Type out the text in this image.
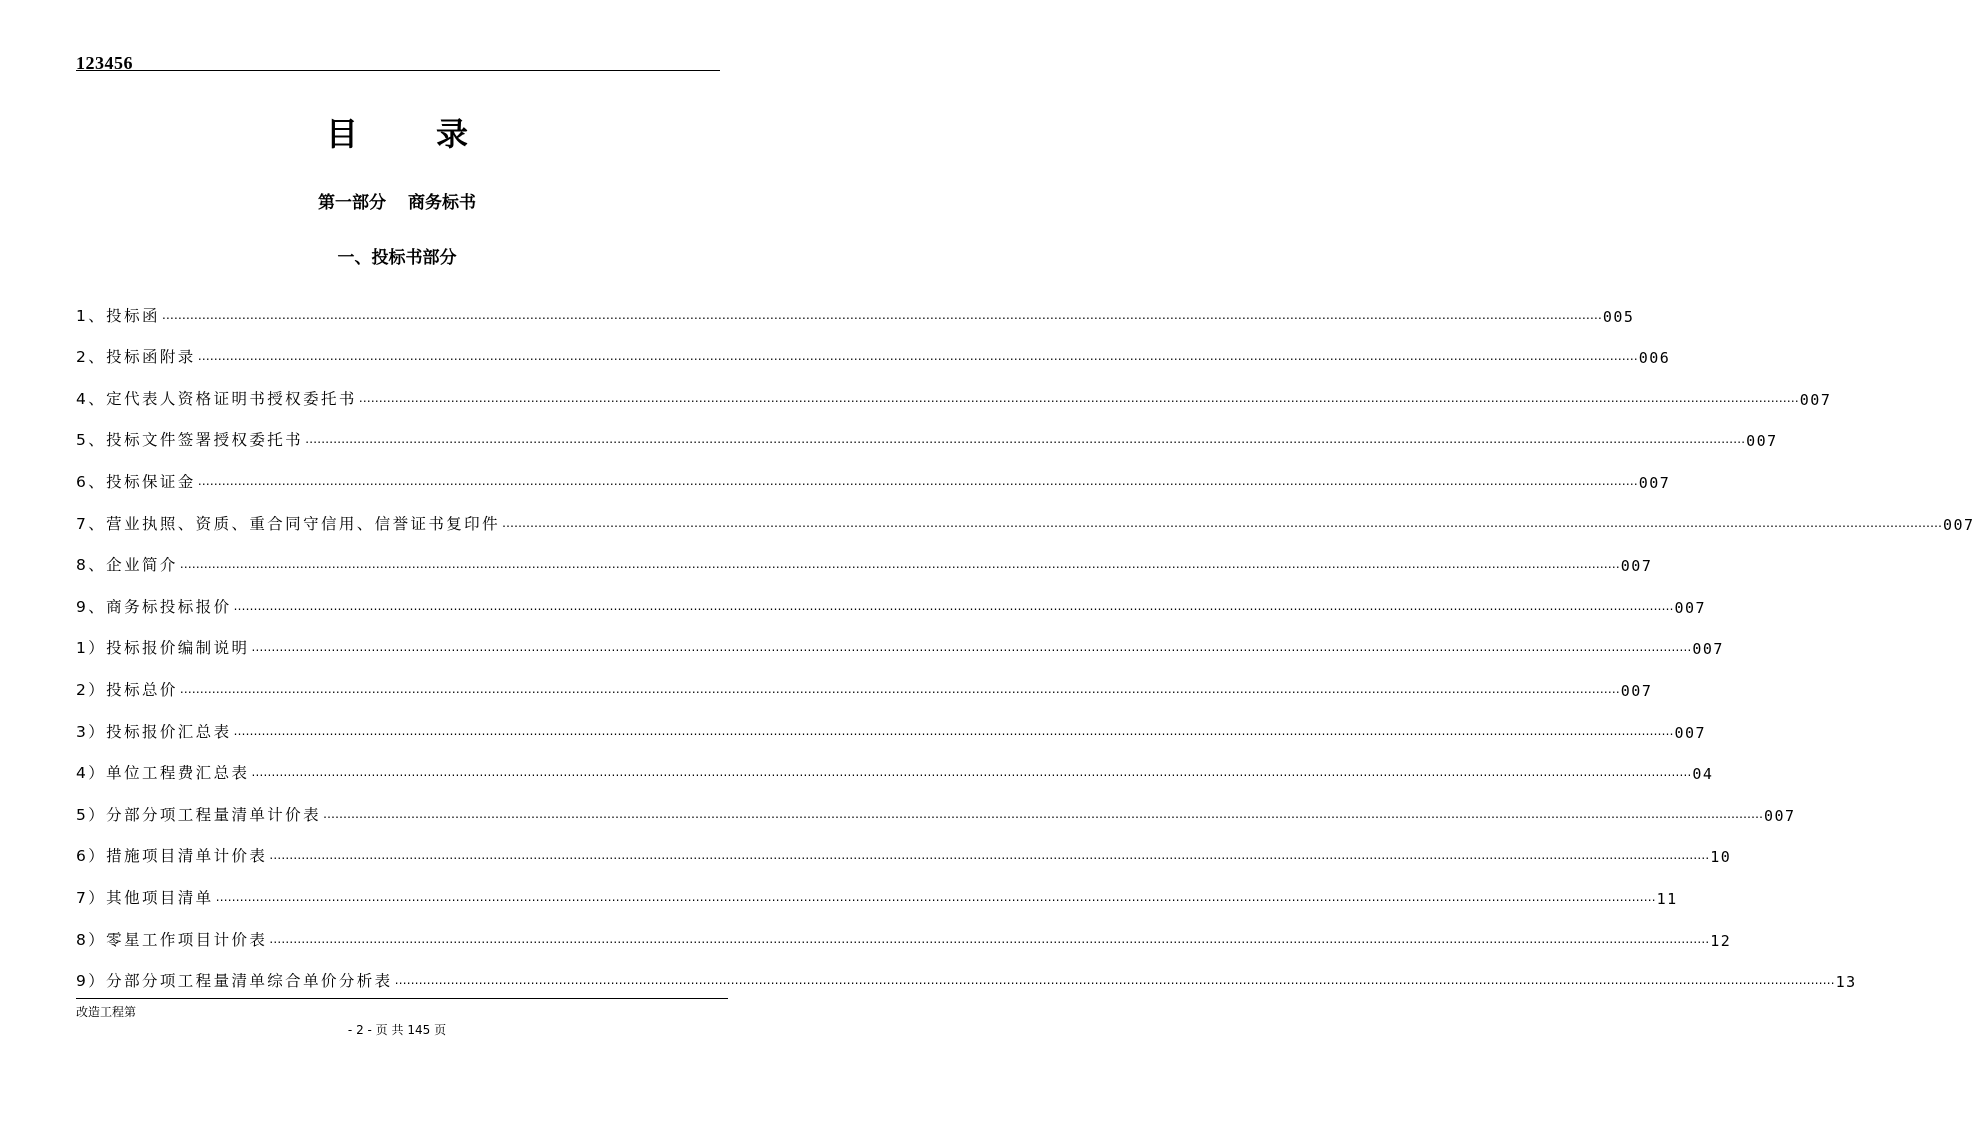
123456
目 录
第一部分 商务标书
一、投标书部分
1、 投标函 ……………………………………………………………………………………………………………………………………………………………………………………………………………………………………………………………………………………………………………………………… 005
2、 投标函附录 ……………………………………………………………………………………………………………………………………………………………………………………………………………………………………………………………………………………………………………………………… 006
4、 定代表人资格证明书授权委托书 ……………………………………………………………………………………………………………………………………………………………………………………………………………………………………………………………………………………………………………………………… 007
5、 投标文件签署授权委托书 ……………………………………………………………………………………………………………………………………………………………………………………………………………………………………………………………………………………………………………………………… 007
6、 投标保证金 ……………………………………………………………………………………………………………………………………………………………………………………………………………………………………………………………………………………………………………………………… 007
7、 营业执照、资质、重合同守信用、信誉证书复印件 ……………………………………………………………………………………………………………………………………………………………………………………………………………………………………………………………………………………………………………………………… 007
8、 企业简介 ……………………………………………………………………………………………………………………………………………………………………………………………………………………………………………………………………………………………………………………………… 007
9、 商务标投标报价 ……………………………………………………………………………………………………………………………………………………………………………………………………………………………………………………………………………………………………………………………… 007
1） 投标报价编制说明 ……………………………………………………………………………………………………………………………………………………………………………………………………………………………………………………………………………………………………………………………… 007
2） 投标总价 ……………………………………………………………………………………………………………………………………………………………………………………………………………………………………………………………………………………………………………………………… 007
3） 投标报价汇总表 ……………………………………………………………………………………………………………………………………………………………………………………………………………………………………………………………………………………………………………………………… 007
4） 单位工程费汇总表 ……………………………………………………………………………………………………………………………………………………………………………………………………………………………………………………………………………………………………………………………… 04
5） 分部分项工程量清单计价表 ……………………………………………………………………………………………………………………………………………………………………………………………………………………………………………………………………………………………………………………………… 007
6） 措施项目清单计价表 ……………………………………………………………………………………………………………………………………………………………………………………………………………………………………………………………………………………………………………………………… 10
7） 其他项目清单 ……………………………………………………………………………………………………………………………………………………………………………………………………………………………………………………………………………………………………………………………… 11
8） 零星工作项目计价表 ……………………………………………………………………………………………………………………………………………………………………………………………………………………………………………………………………………………………………………………………… 12
9） 分部分项工程量清单综合单价分析表 ……………………………………………………………………………………………………………………………………………………………………………………………………………………………………………………………………………………………………………………………… 13
改造工程第
- 2 - 页 共 145 页
